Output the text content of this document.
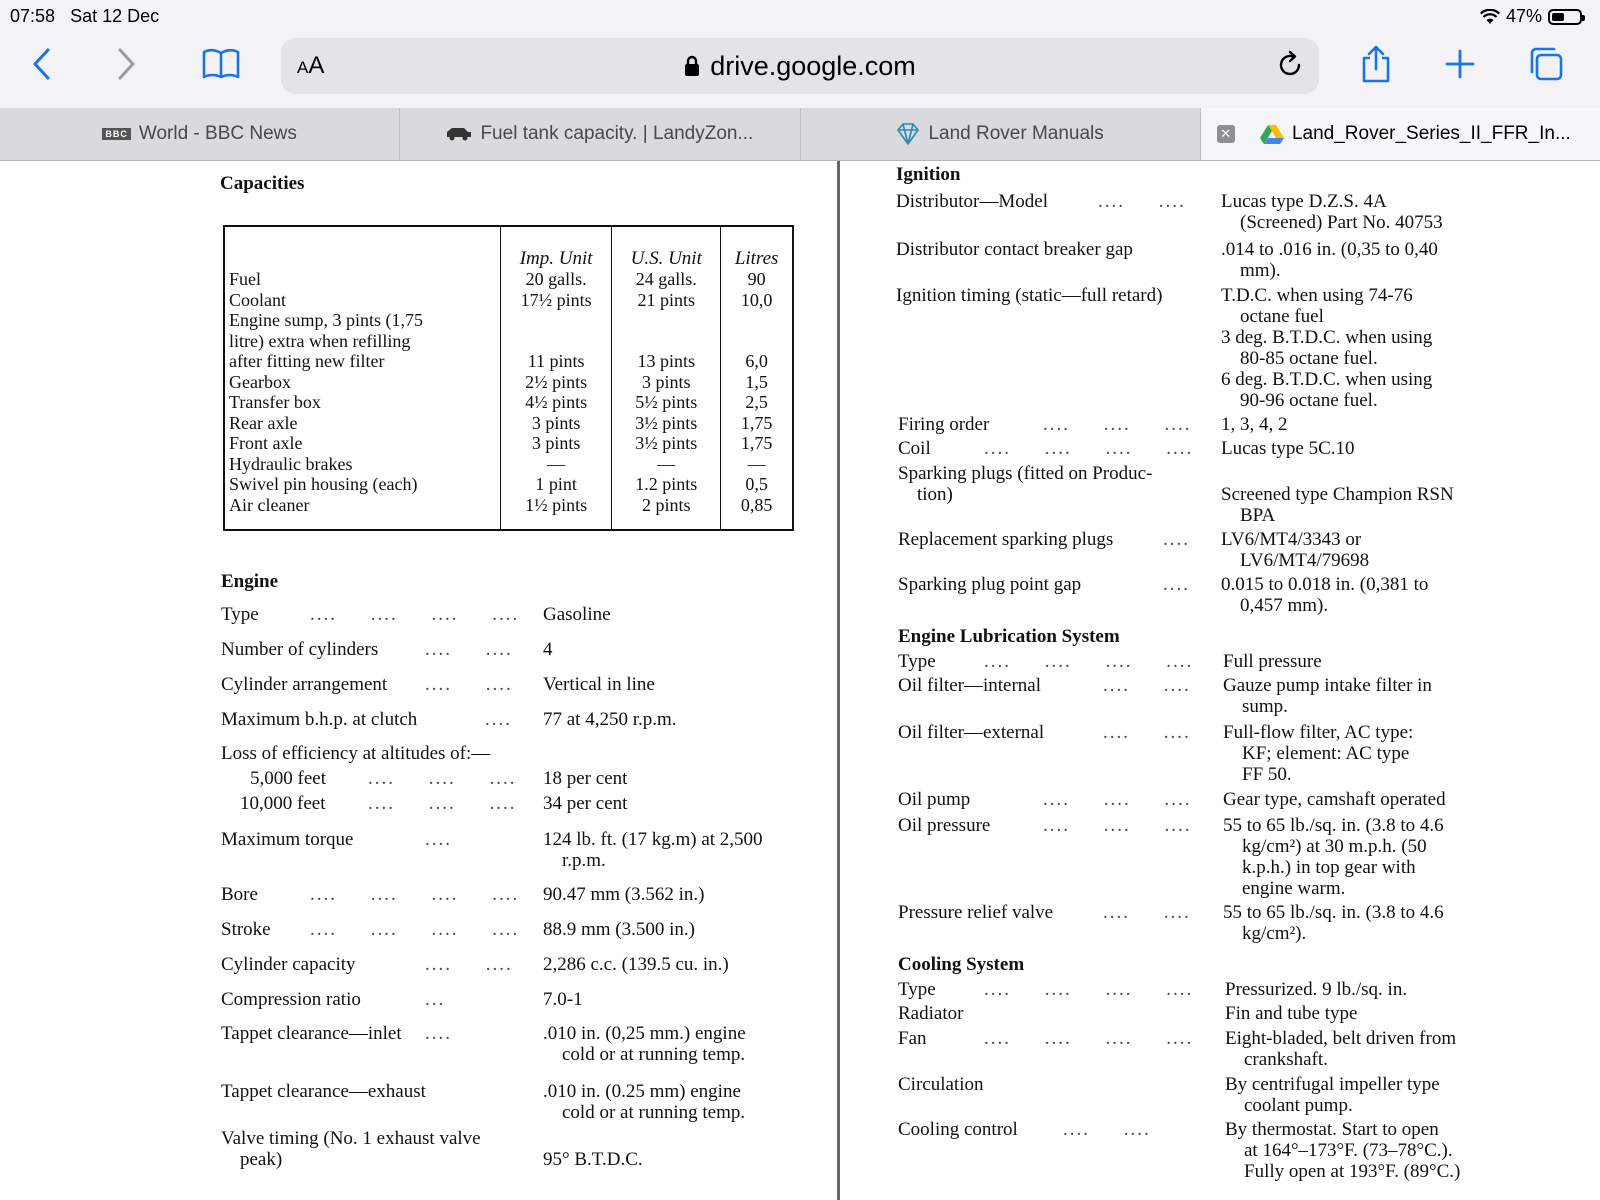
07:58 Sat 12 Dec	47%
AA	drive.google.com
BBC World - BBC News	Fuel tank capacity. | LandyZon...	Land Rover Manuals	✕	Land_Rover_Series_II_FFR_In...
Capacities
	Imp. Unit	U.S. Unit	Litres
Fuel	20 galls.	24 galls.	90
Coolant	17½ pints	21 pints	10,0
Engine sump, 3 pints (1,75			
litre) extra when refilling			
after fitting new filter	11 pints	13 pints	6,0
Gearbox	2½ pints	3 pints	1,5
Transfer box	4½ pints	5½ pints	2,5
Rear axle	3 pints	3½ pints	1,75
Front axle	3 pints	3½ pints	1,75
Hydraulic brakes	—	—	—
Swivel pin housing (each)	1 pint	1.2 pints	0,5
Air cleaner	1½ pints	2 pints	0,85
Engine
Type	....     ....     ....     .... Gasoline
Number of cylinders ....     .... 4
Cylinder arrangement ....     .... Vertical in line
Maximum b.h.p. at clutch	.... 77 at 4,250 r.p.m.
Loss of efficiency at altitudes of:—
5,000 feet ....     ....     .... 18 per cent
10,000 feet ....     ....     .... 34 per cent
Maximum torque	....	124 lb. ft. (17 kg.m) at 2,500
r.p.m.
Bore	....     ....     ....     .... 90.47 mm (3.562 in.)
Stroke ....     ....     ....     .... 88.9 mm (3.500 in.)
Cylinder capacity	....     .... 2,286 c.c. (139.5 cu. in.)
Compression ratio	...	7.0-1
Tappet clearance—inlet ....	.010 in. (0,25 mm.) engine
cold or at running temp.
Tappet clearance—exhaust	.010 in. (0.25 mm) engine
cold or at running temp.
Valve timing (No. 1 exhaust valve
peak)	95° B.T.D.C.
Ignition
Distributor—Model	....     .... Lucas type D.Z.S. 4A
(Screened) Part No. 40753
Distributor contact breaker gap	.014 to .016 in. (0,35 to 0,40
mm).
Ignition timing (static—full retard)	T.D.C. when using 74-76
octane fuel
3 deg. B.T.D.C. when using
80-85 octane fuel.
6 deg. B.T.D.C. when using
90-96 octane fuel.
Firing order	....     ....     .... 1, 3, 4, 2
Coil	....     ....     ....     .... Lucas type 5C.10
Sparking plugs (fitted on Produc-
tion)	Screened type Champion RSN
BPA
Replacement sparking plugs	.... LV6/MT4/3343 or
LV6/MT4/79698
Sparking plug point gap	.... 0.015 to 0.018 in. (0,381 to
0,457 mm).
Engine Lubrication System
Type	....     ....     ....     .... Full pressure
Oil filter—internal	....     .... Gauze pump intake filter in
sump.
Oil filter—external	....     .... Full-flow filter, AC type:
KF; element: AC type
FF 50.
Oil pump	....     ....     .... Gear type, camshaft operated
Oil pressure	....     ....     .... 55 to 65 lb./sq. in. (3.8 to 4.6
kg/cm²) at 30 m.p.h. (50
k.p.h.) in top gear with
engine warm.
Pressure relief valve	....     .... 55 to 65 lb./sq. in. (3.8 to 4.6
kg/cm²).
Cooling System
Type	....     ....     ....     .... Pressurized. 9 lb./sq. in.
Radiator	Fin and tube type
Fan	....     ....     ....     .... Eight-bladed, belt driven from
crankshaft.
Circulation	By centrifugal impeller type
coolant pump.
Cooling control ....     ....	By thermostat. Start to open
at 164°–173°F. (73–78°C.).
Fully open at 193°F. (89°C.)
